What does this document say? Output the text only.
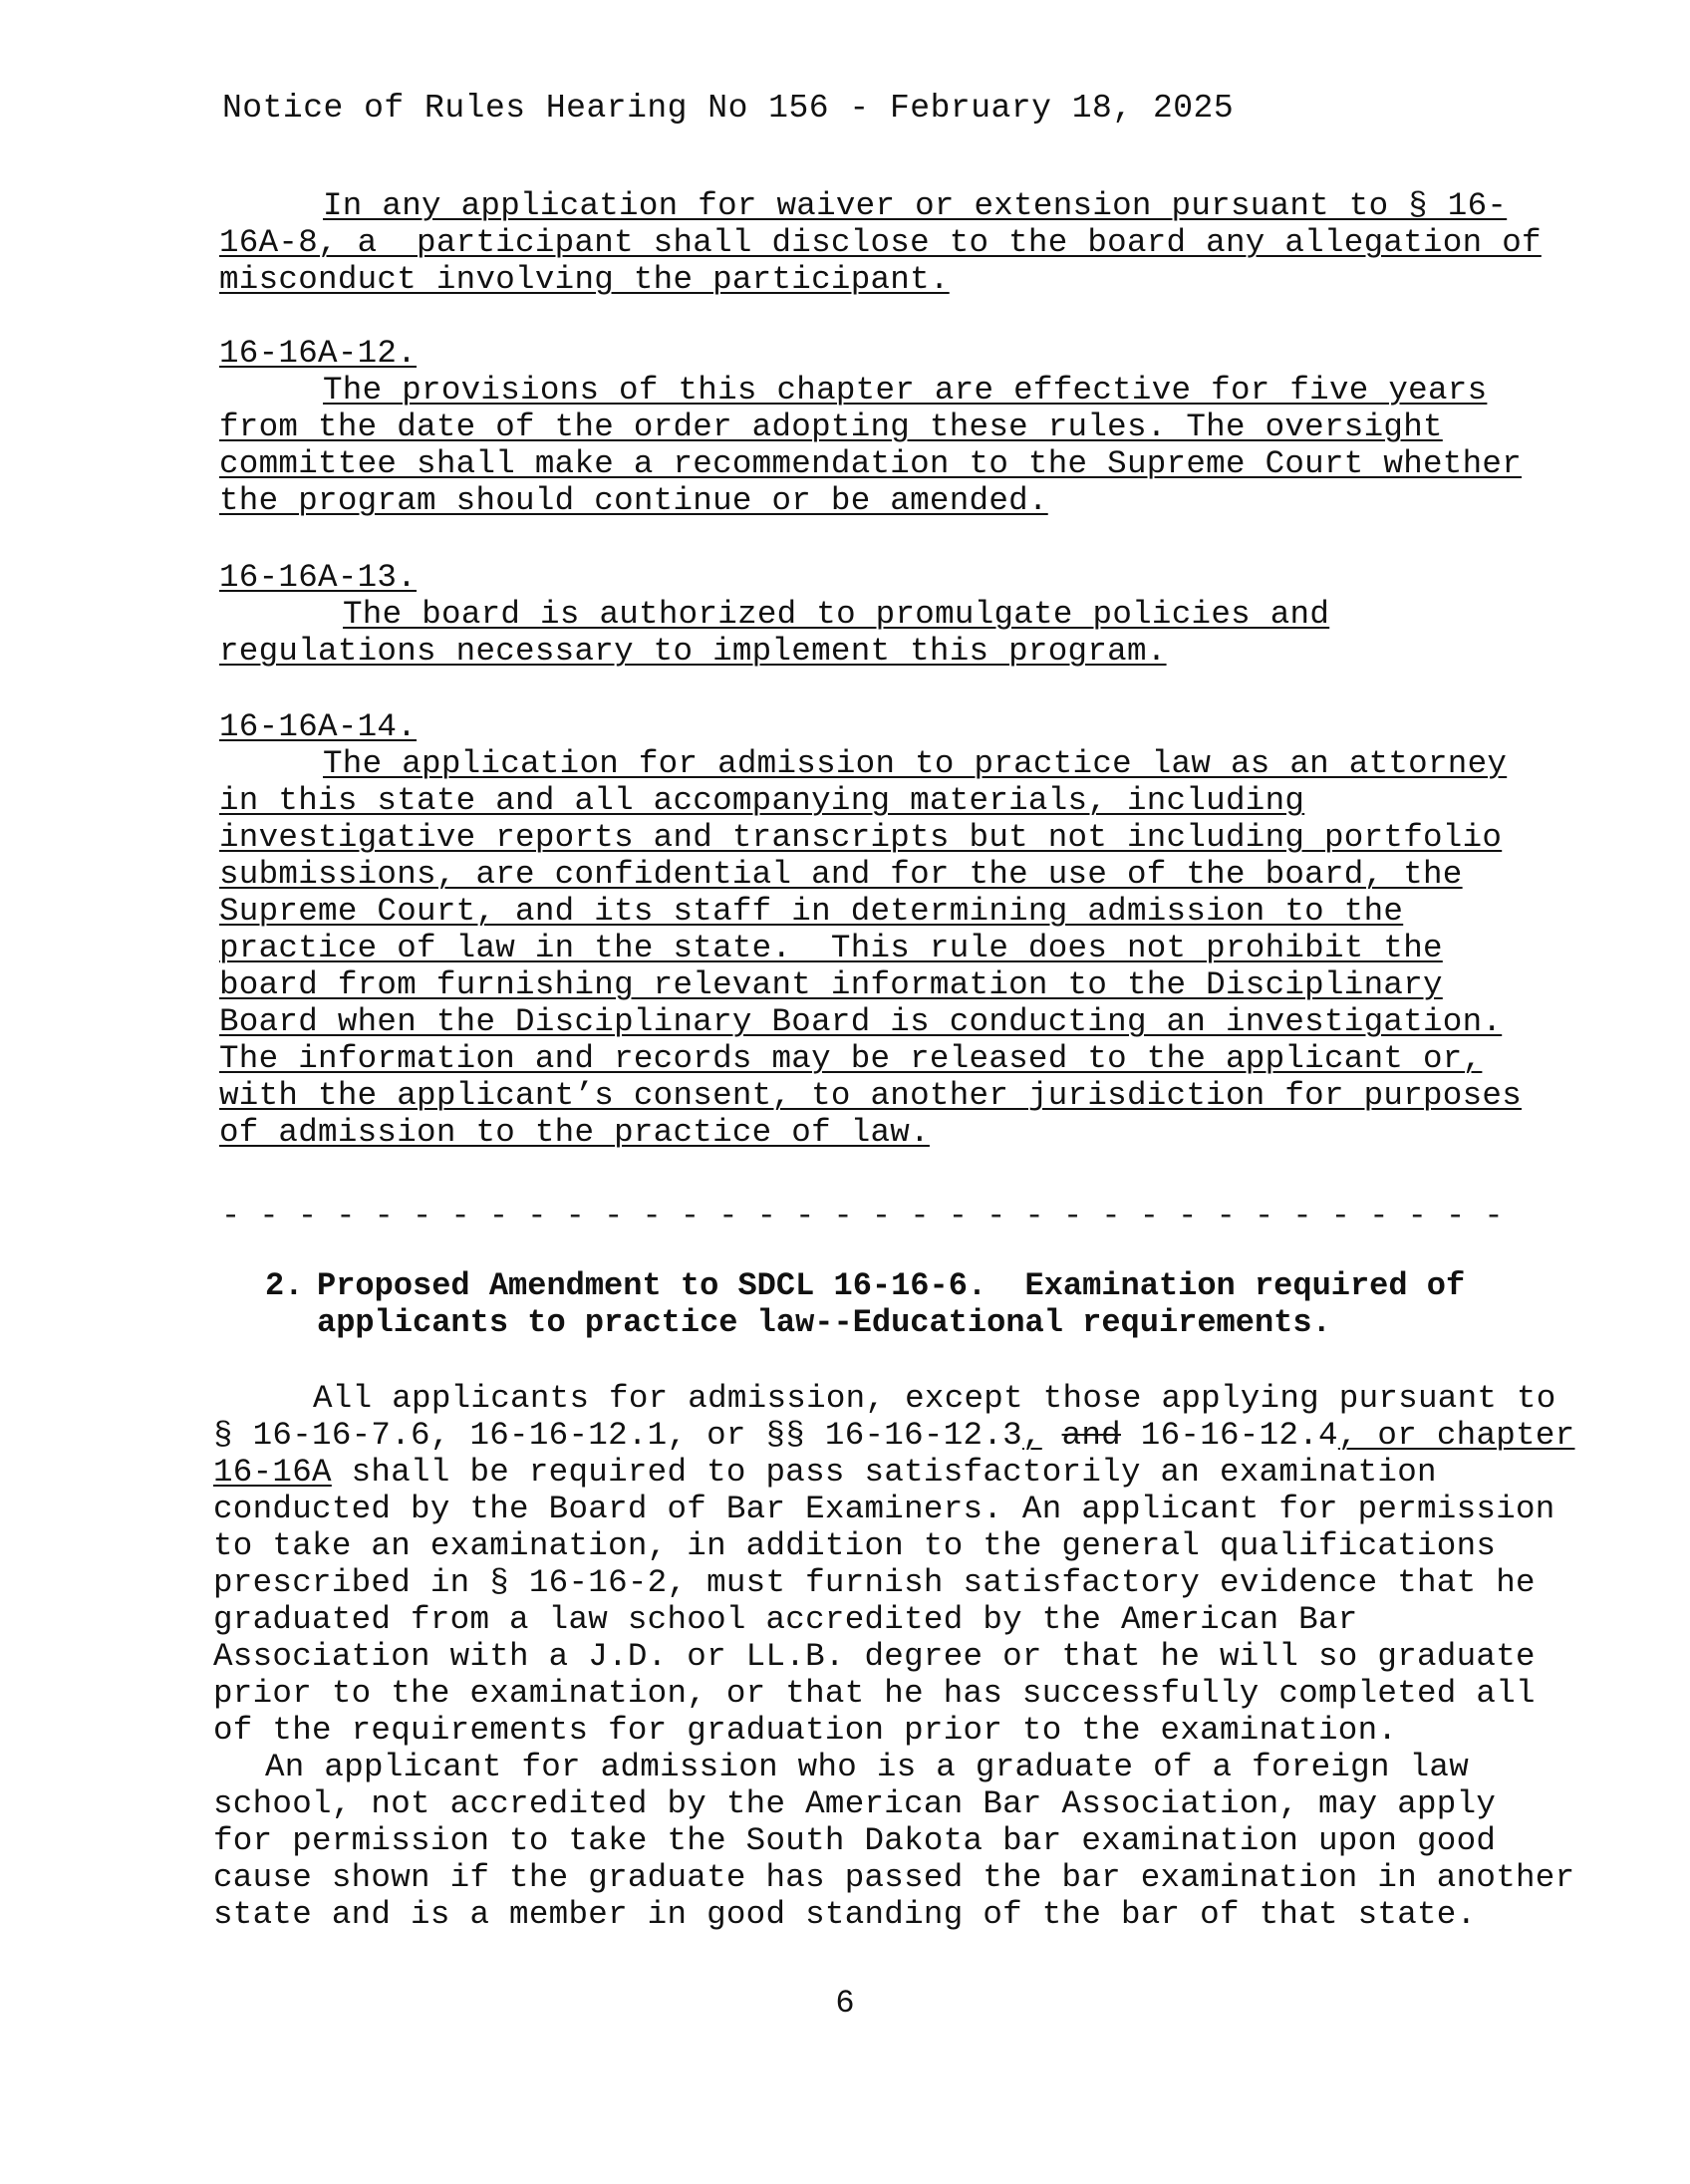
Notice of Rules Hearing No 156 - February 18, 2025
In any application for waiver or extension pursuant to § 16-
16A-8, a  participant shall disclose to the board any allegation of
misconduct involving the participant.
16-16A-12.
The provisions of this chapter are effective for five years
from the date of the order adopting these rules. The oversight
committee shall make a recommendation to the Supreme Court whether
the program should continue or be amended.
16-16A-13.
The board is authorized to promulgate policies and
regulations necessary to implement this program.
16-16A-14.
The application for admission to practice law as an attorney
in this state and all accompanying materials, including
investigative reports and transcripts but not including portfolio
submissions, are confidential and for the use of the board, the
Supreme Court, and its staff in determining admission to the
practice of law in the state.  This rule does not prohibit the
board from furnishing relevant information to the Disciplinary
Board when the Disciplinary Board is conducting an investigation.
The information and records may be released to the applicant or,
with the applicant’s consent, to another jurisdiction for purposes
of admission to the practice of law.
- - - - - - - - - - - - - - - - - - - - - - - - - - - - - - - - - -
2. Proposed Amendment to SDCL 16-16-6.  Examination required of
applicants to practice law--Educational requirements.
All applicants for admission, except those applying pursuant to
§ 16-16-7.6, 16-16-12.1, or §§ 16-16-12.3, and 16-16-12.4, or chapter
16-16A shall be required to pass satisfactorily an examination
conducted by the Board of Bar Examiners. An applicant for permission
to take an examination, in addition to the general qualifications
prescribed in § 16-16-2, must furnish satisfactory evidence that he
graduated from a law school accredited by the American Bar
Association with a J.D. or LL.B. degree or that he will so graduate
prior to the examination, or that he has successfully completed all
of the requirements for graduation prior to the examination.
An applicant for admission who is a graduate of a foreign law
school, not accredited by the American Bar Association, may apply
for permission to take the South Dakota bar examination upon good
cause shown if the graduate has passed the bar examination in another
state and is a member in good standing of the bar of that state.
6
